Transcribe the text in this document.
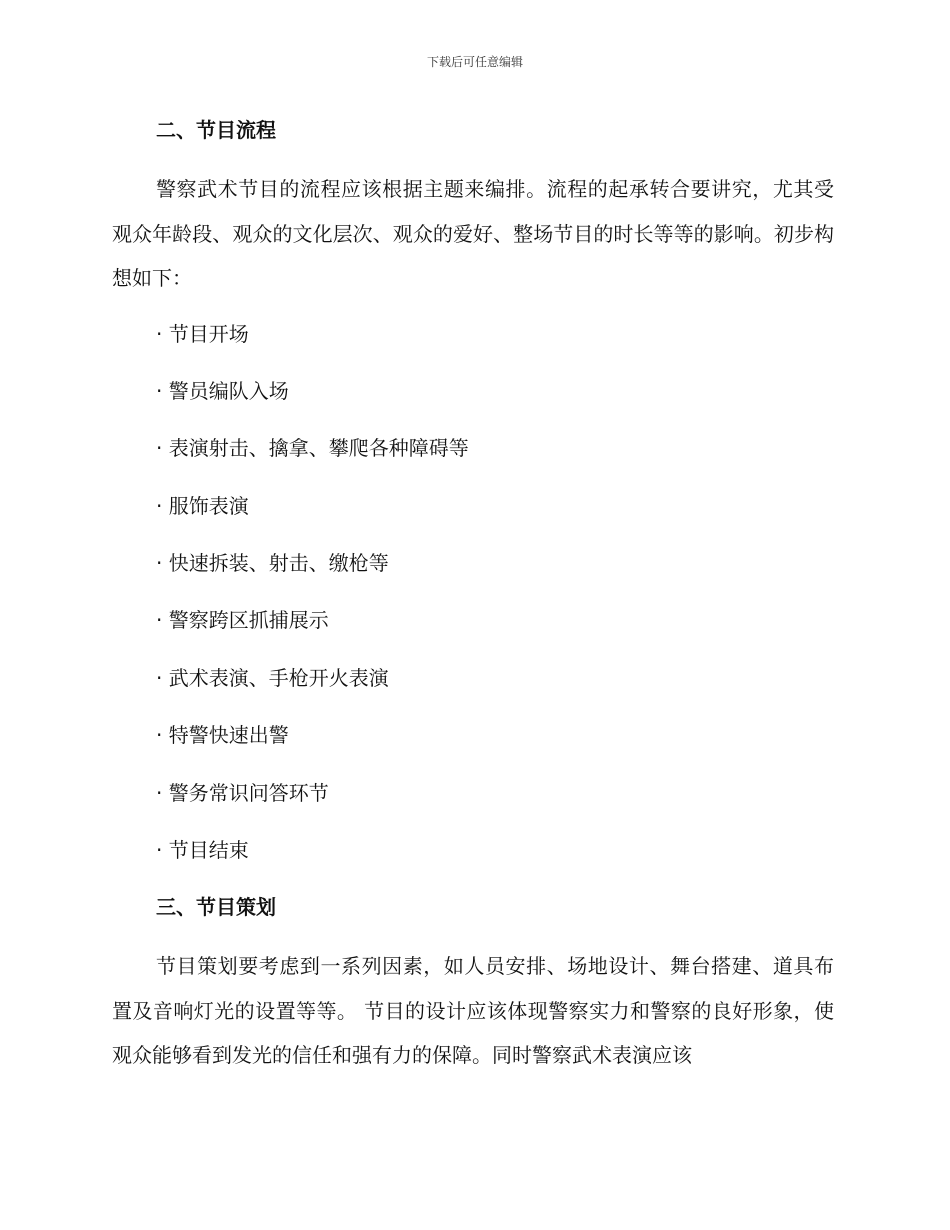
下载后可任意编辑
二、节目流程

警察武术节目的流程应该根据主题来编排。流程的起承转合要讲究，尤其受观众年龄段、观众的文化层次、观众的爱好、整场节目的时长等等的影响。初步构想如下：

· 节目开场
· 警员编队入场
· 表演射击、擒拿、攀爬各种障碍等
· 服饰表演
· 快速拆装、射击、缴枪等
· 警察跨区抓捕展示
· 武术表演、手枪开火表演
· 特警快速出警
· 警务常识问答环节
· 节目结束
三、节目策划

节目策划要考虑到一系列因素，如人员安排、场地设计、舞台搭建、道具布置及音响灯光的设置等等。 节目的设计应该体现警察实力和警察的良好形象，使观众能够看到发光的信任和强有力的保障。同时警察武术表演应该
